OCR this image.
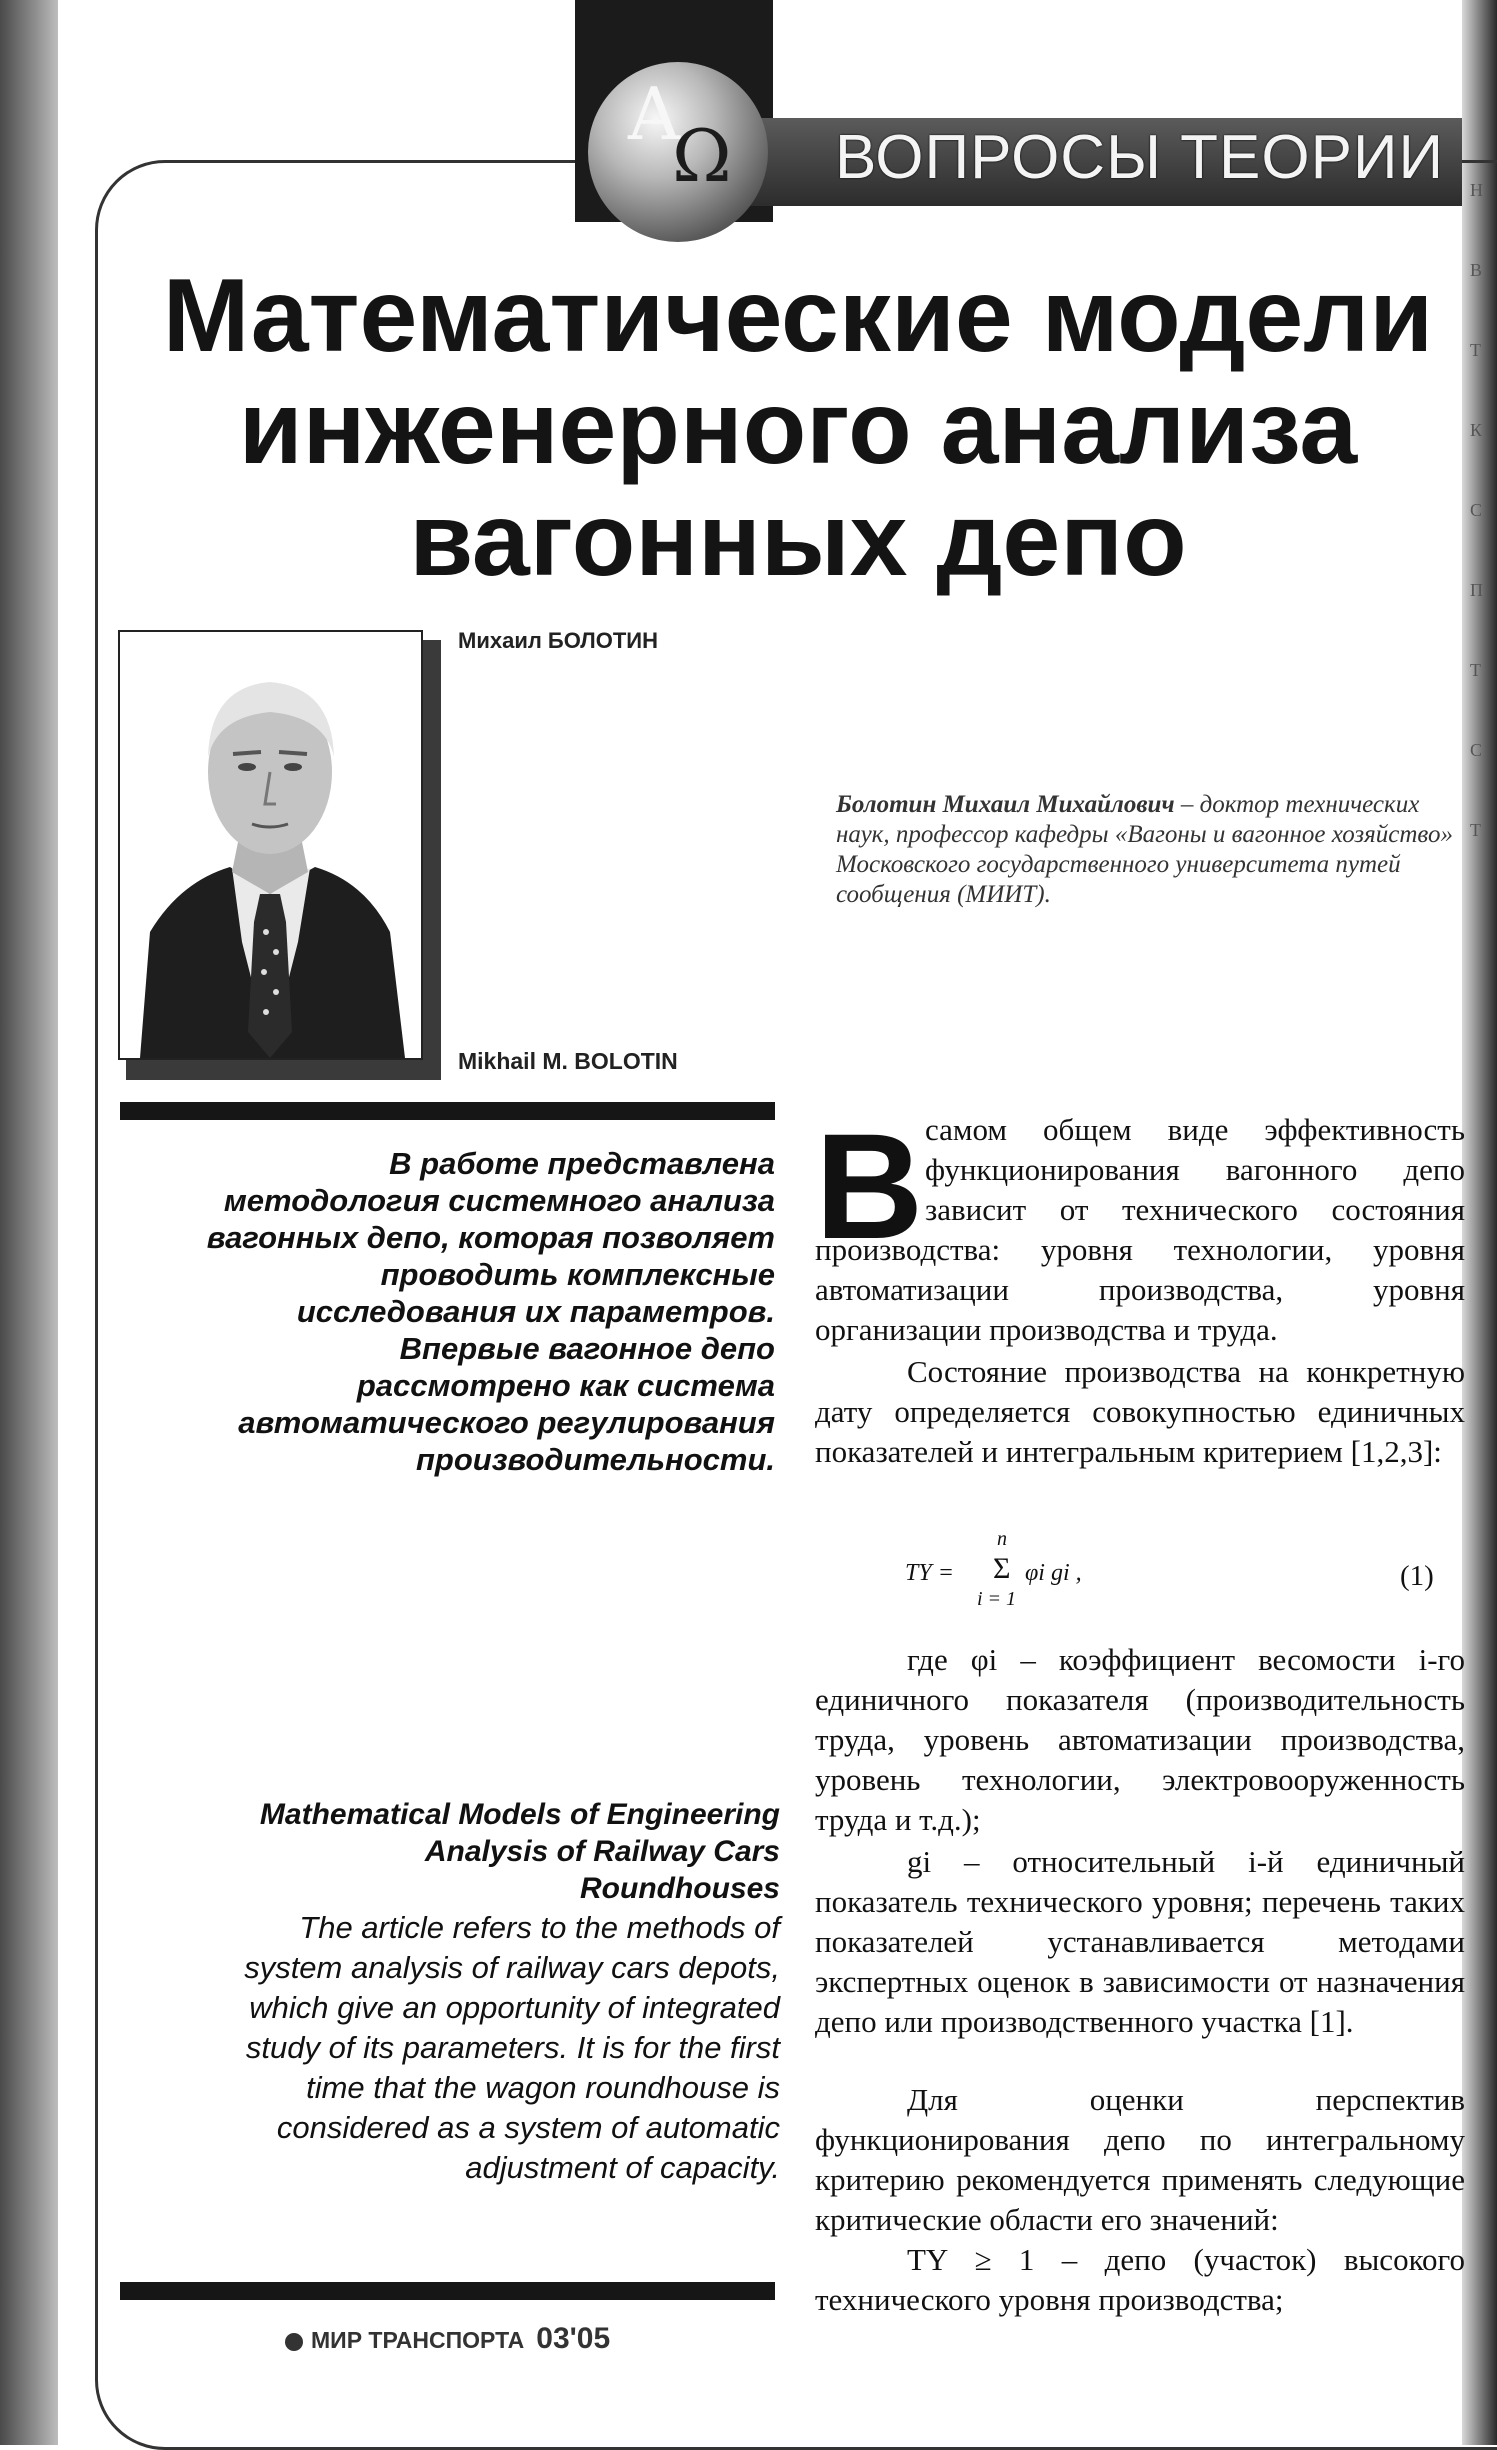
Н
В
Т
К
С
П
Т
С
Т
A
Ω ВОПРОСЫ ТЕОРИИ
Математические модели
инженерного анализа
вагонных депо
Михаил БОЛОТИН
Mikhail M. BOLOTIN
Болотин Михаил Михайлович – доктор технических наук, профессор кафедры «Вагоны и вагонное хозяйство» Московского государственного университета путей сообщения (МИИТ).
В работе представлена методология системного анализа вагонных депо, которая позволяет проводить комплексные исследования их параметров. Впервые вагонное депо рассмотрено как система автоматического регулирования производительности.
Mathematical Models of Engineering Analysis of Railway Cars Roundhouses
The article refers to the methods of system analysis of railway cars depots, which give an opportunity of integrated study of its parameters. It is for the first time that the wagon roundhouse is considered as a system of automatic adjustment of capacity.
В самом общем виде эффективность функционирования вагонного депо зависит от технического состояния производства: уровня технологии, уровня автоматизации производства, уровня организации производства и труда.
Состояние производства на конкретную дату определяется совокупностью единичных показателей и интегральным критерием [1,2,3]:
TY =
n
Σ
i = 1
φi gi ,	(1)
где φi – коэффициент весомости i-го единичного показателя (производительность труда, уровень автоматизации производства, уровень технологии, электровооруженность труда и т.д.);
gi – относительный i-й единичный показатель технического уровня; перечень таких показателей устанавливается методами экспертных оценок в зависимости от назначения депо или производственного участка [1].
Для оценки перспектив функционирования депо по интегральному критерию рекомендуется применять следующие критические области его значений:
TY ≥ 1 – депо (участок) высокого технического уровня производства;
МИР ТРАНСПОРТА 03'05
